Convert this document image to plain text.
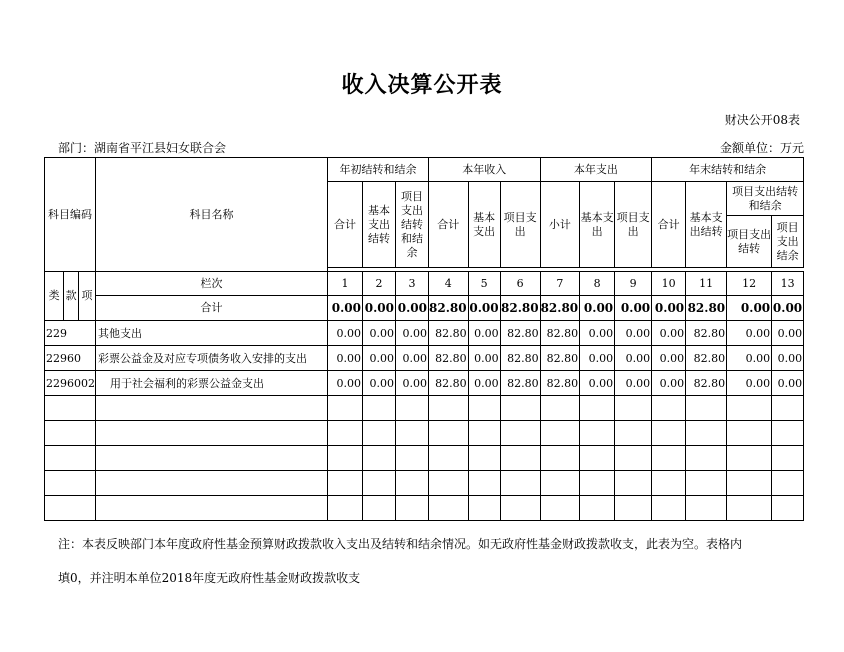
收入决算公开表
财决公开08表
部门：湖南省平江县妇女联合会	金额单位：万元
科目编码			科目名称	年初结转和结余			本年收入			本年支出			年末结转和结余			
				合计	基本支出结转	项目支出结转和结余	合计	基本支出	项目支出	小计	基本支出	项目支出	合计	基本支出结转	项目支出结转和结余	
															项目支出结转	项目支出结余

类	款	项	栏次	1	2	3	4	5	6	7	8	9	10	11	12	13
			合计	0.00	0.00	0.00	82.80	0.00	82.80	82.80	0.00	0.00	0.00	82.80	0.00	0.00
229			其他支出	0.00	0.00	0.00	82.80	0.00	82.80	82.80	0.00	0.00	0.00	82.80	0.00	0.00
22960			彩票公益金及对应专项债务收入安排的支出	0.00	0.00	0.00	82.80	0.00	82.80	82.80	0.00	0.00	0.00	82.80	0.00	0.00
2296002			用于社会福利的彩票公益金支出	0.00	0.00	0.00	82.80	0.00	82.80	82.80	0.00	0.00	0.00	82.80	0.00	0.00

注：本表反映部门本年度政府性基金预算财政拨款收入支出及结转和结余情况。如无政府性基金财政拨款收支，此表为空。表格内
填0，并注明本单位2018年度无政府性基金财政拨款收支
